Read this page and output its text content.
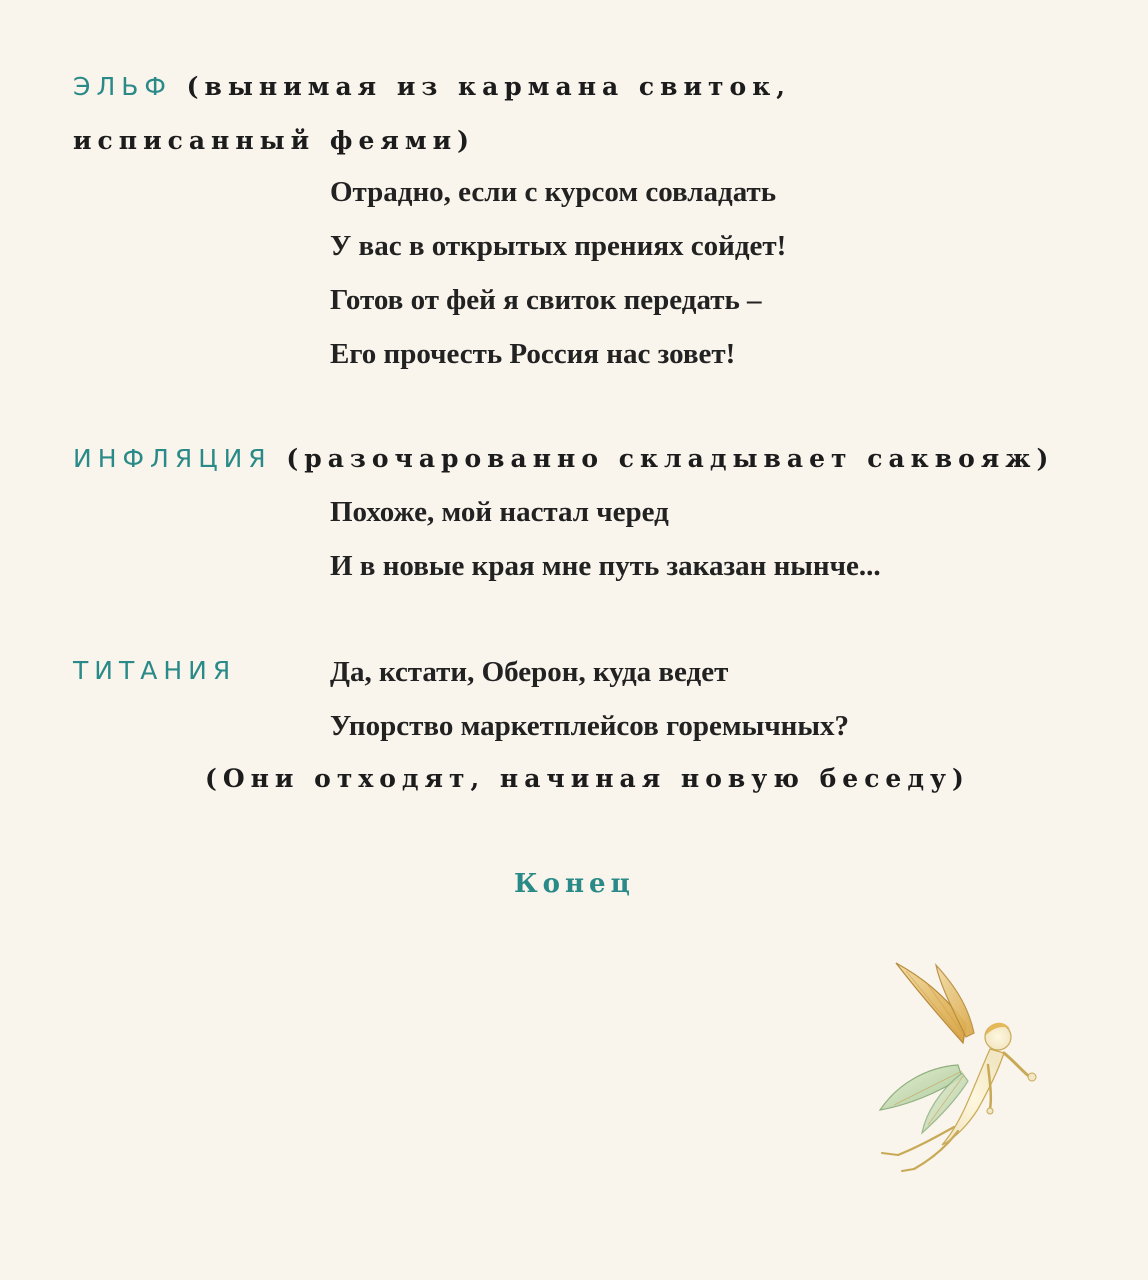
ЭЛЬФ (вынимая из кармана свиток,
исписанный феями)
Отрадно, если с курсом совладать
У вас в открытых прениях сойдет!
Готов от фей я свиток передать –
Его прочесть Россия нас зовет!
ИНФЛЯЦИЯ (разочарованно складывает саквояж)
Похоже, мой настал черед
И в новые края мне путь заказан нынче...
ТИТАНИЯ	Да, кстати, Оберон, куда ведет
Упорство маркетплейсов горемычных?
(Они отходят, начиная новую беседу)
Конец
